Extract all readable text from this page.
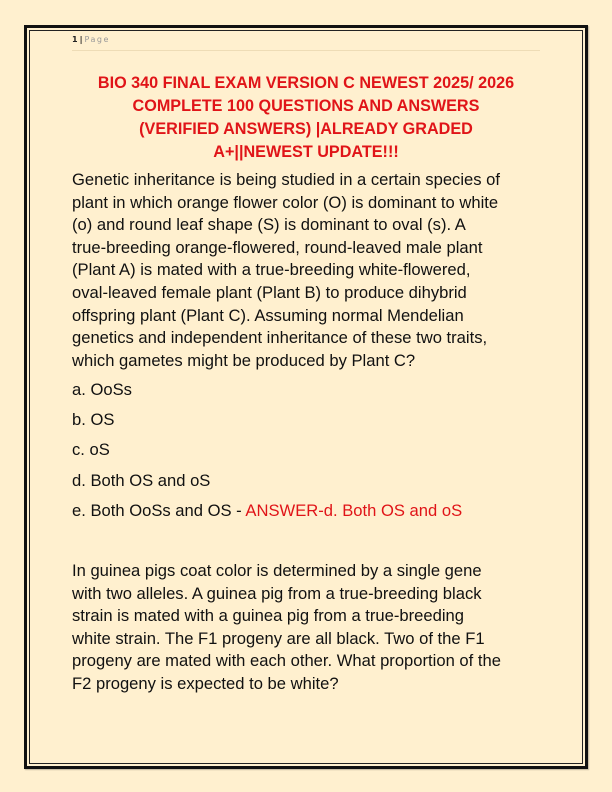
1 | Page
BIO 340 FINAL EXAM VERSION C NEWEST 2025/ 2026
COMPLETE 100 QUESTIONS AND ANSWERS
(VERIFIED ANSWERS) |ALREADY GRADED
A+||NEWEST UPDATE!!!
Genetic inheritance is being studied in a certain species of
plant in which orange flower color (O) is dominant to white
(o) and round leaf shape (S) is dominant to oval (s). A
true-breeding orange-flowered, round-leaved male plant
(Plant A) is mated with a true-breeding white-flowered,
oval-leaved female plant (Plant B) to produce dihybrid
offspring plant (Plant C). Assuming normal Mendelian
genetics and independent inheritance of these two traits,
which gametes might be produced by Plant C?
a. OoSs
b. OS
c. oS
d. Both OS and oS
e. Both OoSs and OS - ANSWER-d. Both OS and oS
In guinea pigs coat color is determined by a single gene
with two alleles. A guinea pig from a true-breeding black
strain is mated with a guinea pig from a true-breeding
white strain. The F1 progeny are all black. Two of the F1
progeny are mated with each other. What proportion of the
F2 progeny is expected to be white?
